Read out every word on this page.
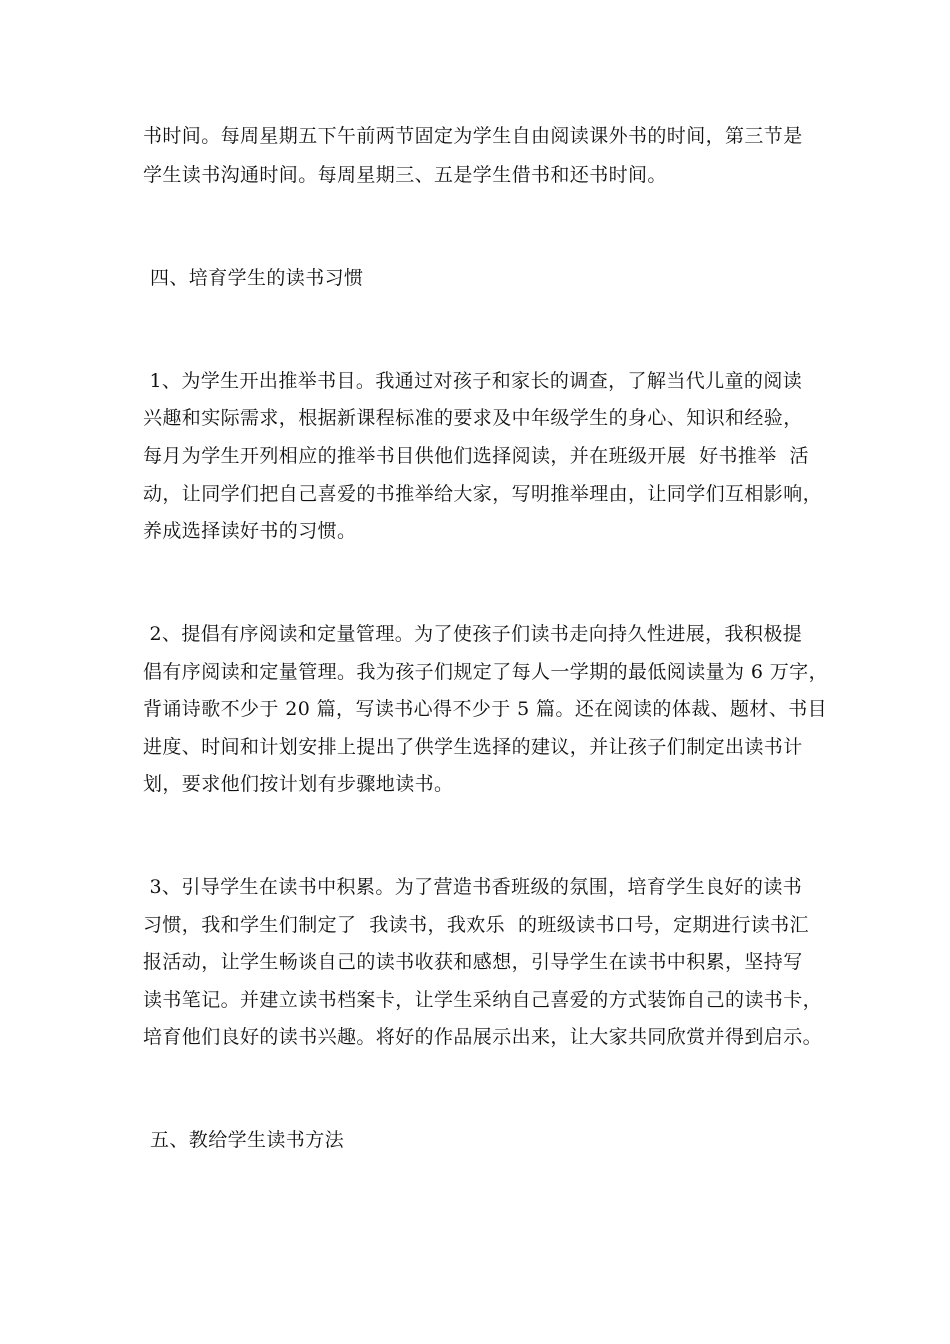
书时间。每周星期五下午前两节固定为学生自由阅读课外书的时间，第三节是
学生读书沟通时间。每周星期三、五是学生借书和还书时间。
四、培育学生的读书习惯
1、为学生开出推举书目。我通过对孩子和家长的调查，了解当代儿童的阅读
兴趣和实际需求，根据新课程标准的要求及中年级学生的身心、知识和经验，
每月为学生开列相应的推举书目供他们选择阅读，并在班级开展  好书推举  活
动，让同学们把自己喜爱的书推举给大家，写明推举理由，让同学们互相影响，
养成选择读好书的习惯。
2、提倡有序阅读和定量管理。为了使孩子们读书走向持久性进展，我积极提
倡有序阅读和定量管理。我为孩子们规定了每人一学期的最低阅读量为 6 万字，
背诵诗歌不少于 20 篇，写读书心得不少于 5 篇。还在阅读的体裁、题材、书目
进度、时间和计划安排上提出了供学生选择的建议，并让孩子们制定出读书计
划，要求他们按计划有步骤地读书。
3、引导学生在读书中积累。为了营造书香班级的氛围，培育学生良好的读书
习惯，我和学生们制定了  我读书，我欢乐  的班级读书口号，定期进行读书汇
报活动，让学生畅谈自己的读书收获和感想，引导学生在读书中积累，坚持写
读书笔记。并建立读书档案卡，让学生采纳自己喜爱的方式装饰自己的读书卡，
培育他们良好的读书兴趣。将好的作品展示出来，让大家共同欣赏并得到启示。
五、教给学生读书方法
